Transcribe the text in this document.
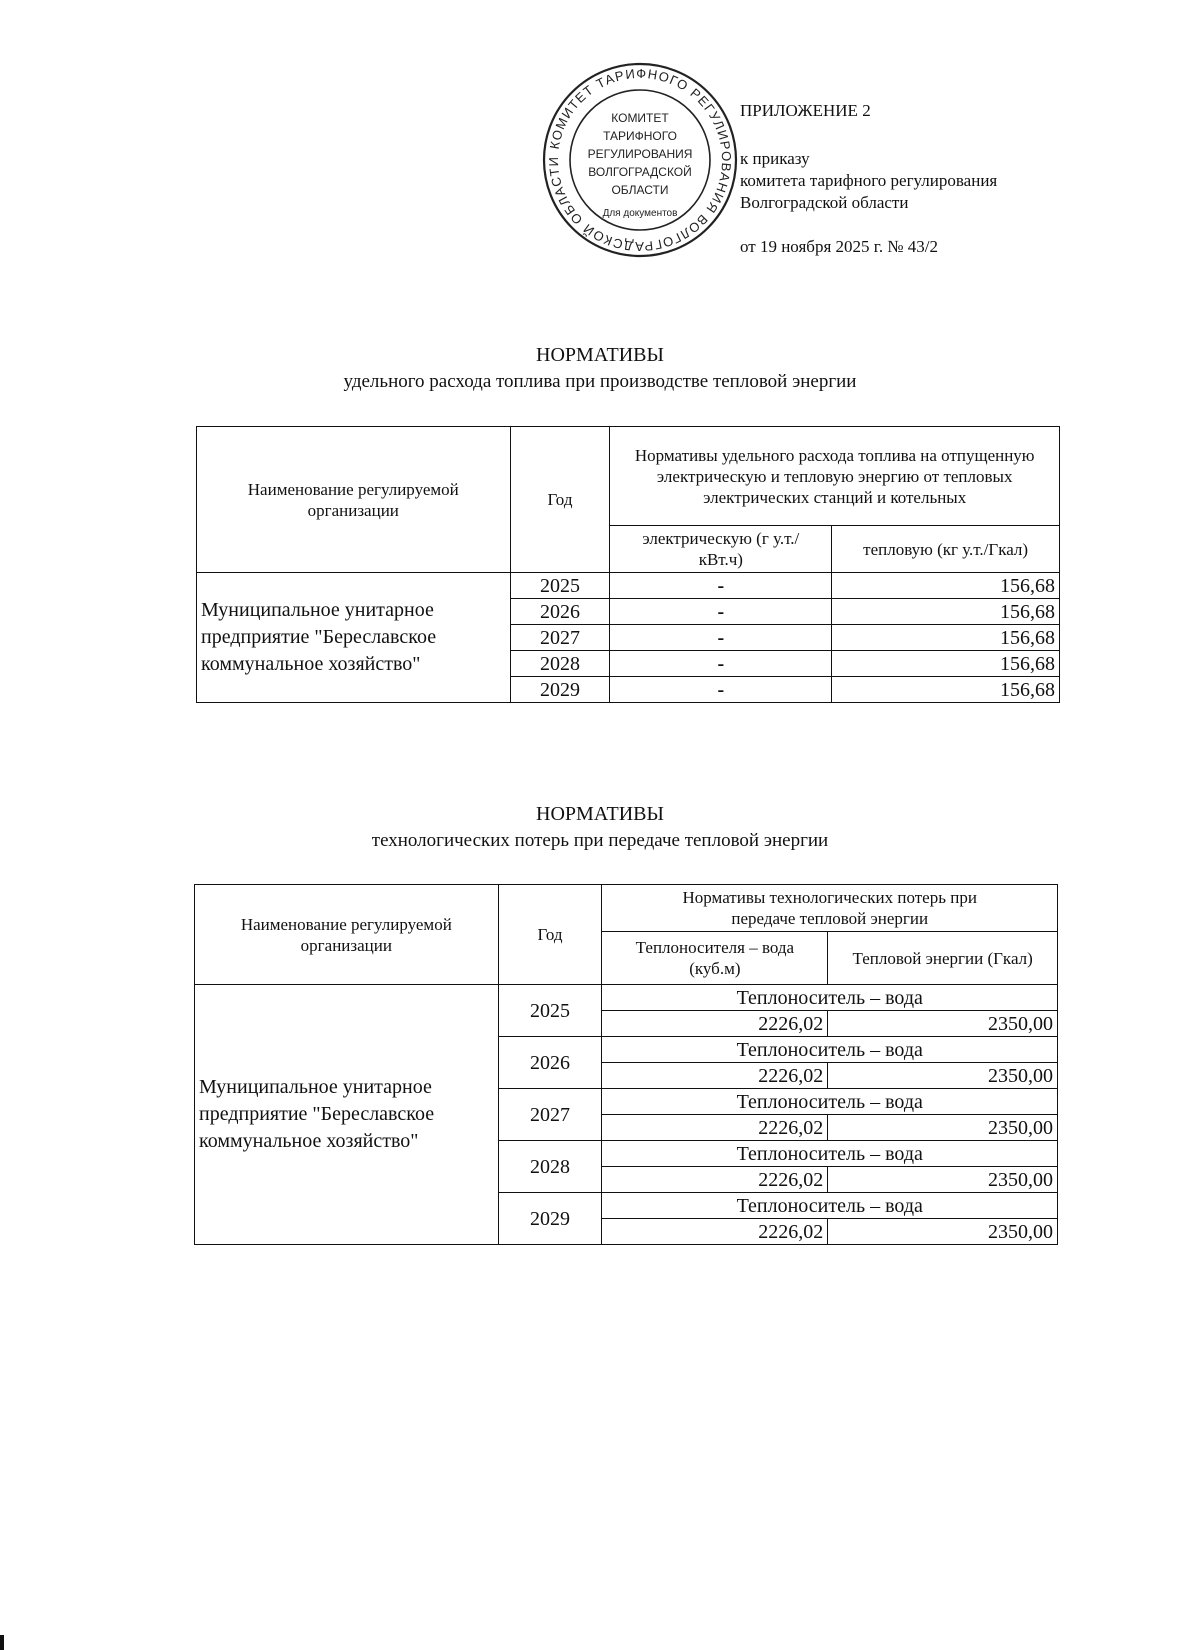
КОМИТЕТ ТАРИФНОГО РЕГУЛИРОВАНИЯ ВОЛГОГРАДСКОЙ ОБЛАСТИ
КОМИТЕТ
ТАРИФНОГО
РЕГУЛИРОВАНИЯ
ВОЛГОГРАДСКОЙ
ОБЛАСТИ
Для документов
ПРИЛОЖЕНИЕ 2
к приказу
комитета тарифного регулирования
Волгоградской области
от 19 ноября 2025 г. № 43/2
НОРМАТИВЫ
удельного расхода топлива при производстве тепловой энергии
Наименование регулируемой организации	Год	Нормативы удельного расхода топлива на отпущенную электрическую и тепловую энергию от тепловых электрических станций и котельных	
		электрическую (г у.т./кВт.ч)	тепловую (кг у.т./Гкал)
Муниципальное унитарное предприятие "Береславское коммунальное хозяйство"	2025	-	156,68
	2026	-	156,68
	2027	-	156,68
	2028	-	156,68
	2029	-	156,68
НОРМАТИВЫ
технологических потерь при передаче тепловой энергии
Наименование регулируемой организации	Год	Нормативы технологических потерь при передаче тепловой энергии	
		Теплоносителя – вода (куб.м)	Тепловой энергии (Гкал)
Муниципальное унитарное предприятие "Береславское коммунальное хозяйство"	2025	Теплоноситель – вода	
		2226,02	2350,00
	2026	Теплоноситель – вода	
		2226,02	2350,00
	2027	Теплоноситель – вода	
		2226,02	2350,00
	2028	Теплоноситель – вода	
		2226,02	2350,00
	2029	Теплоноситель – вода	
		2226,02	2350,00
